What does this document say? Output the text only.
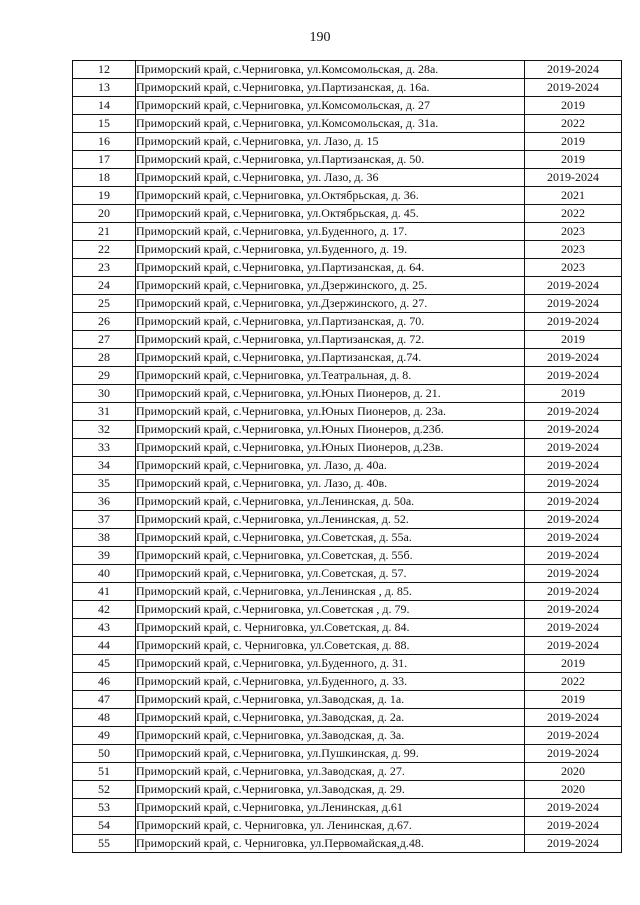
190
12	Приморский край, с.Черниговка, ул.Комсомольская, д. 28а.	2019-2024
13	Приморский край, с.Черниговка, ул.Партизанская, д. 16а.	2019-2024
14	Приморский край, с.Черниговка, ул.Комсомольская, д. 27	2019
15	Приморский край, с.Черниговка, ул.Комсомольская, д. 31а.	2022
16	Приморский край, с.Черниговка, ул. Лазо, д. 15	2019
17	Приморский край, с.Черниговка, ул.Партизанская, д. 50.	2019
18	Приморский край, с.Черниговка, ул. Лазо, д. 36	2019-2024
19	Приморский край, с.Черниговка, ул.Октябрьская, д. 36.	2021
20	Приморский край, с.Черниговка, ул.Октябрьская, д. 45.	2022
21	Приморский край, с.Черниговка, ул.Буденного, д. 17.	2023
22	Приморский край, с.Черниговка, ул.Буденного, д. 19.	2023
23	Приморский край, с.Черниговка, ул.Партизанская, д. 64.	2023
24	Приморский край, с.Черниговка, ул.Дзержинского, д. 25.	2019-2024
25	Приморский край, с.Черниговка, ул.Дзержинского, д. 27.	2019-2024
26	Приморский край, с.Черниговка, ул.Партизанская, д. 70.	2019-2024
27	Приморский край, с.Черниговка, ул.Партизанская, д. 72.	2019
28	Приморский край, с.Черниговка, ул.Партизанская, д.74.	2019-2024
29	Приморский край, с.Черниговка, ул.Театральная, д. 8.	2019-2024
30	Приморский край, с.Черниговка, ул.Юных Пионеров, д. 21.	2019
31	Приморский край, с.Черниговка, ул.Юных Пионеров, д. 23а.	2019-2024
32	Приморский край, с.Черниговка, ул.Юных Пионеров, д.23б.	2019-2024
33	Приморский край, с.Черниговка, ул.Юных Пионеров, д.23в.	2019-2024
34	Приморский край, с.Черниговка, ул. Лазо, д. 40а.	2019-2024
35	Приморский край, с.Черниговка, ул. Лазо, д. 40в.	2019-2024
36	Приморский край, с.Черниговка, ул.Ленинская, д. 50а.	2019-2024
37	Приморский край, с.Черниговка, ул.Ленинская, д. 52.	2019-2024
38	Приморский край, с.Черниговка, ул.Советская, д. 55а.	2019-2024
39	Приморский край, с.Черниговка, ул.Советская, д. 55б.	2019-2024
40	Приморский край, с.Черниговка, ул.Советская, д. 57.	2019-2024
41	Приморский край, с.Черниговка, ул.Ленинская , д. 85.	2019-2024
42	Приморский край, с.Черниговка, ул.Советская , д. 79.	2019-2024
43	Приморский край, с. Черниговка, ул.Советская, д. 84.	2019-2024
44	Приморский край, с. Черниговка, ул.Советская, д. 88.	2019-2024
45	Приморский край, с.Черниговка, ул.Буденного, д. 31.	2019
46	Приморский край, с.Черниговка, ул.Буденного, д. 33.	2022
47	Приморский край, с.Черниговка, ул.Заводская, д. 1а.	2019
48	Приморский край, с.Черниговка, ул.Заводская, д. 2а.	2019-2024
49	Приморский край, с.Черниговка, ул.Заводская, д. 3а.	2019-2024
50	Приморский край, с.Черниговка, ул.Пушкинская, д. 99.	2019-2024
51	Приморский край, с.Черниговка, ул.Заводская, д. 27.	2020
52	Приморский край, с.Черниговка, ул.Заводская, д. 29.	2020
53	Приморский край, с.Черниговка, ул.Ленинская, д.61	2019-2024
54	Приморский край, с. Черниговка, ул. Ленинская, д.67.	2019-2024
55	Приморский край, с. Черниговка, ул.Первомайская,д.48.	2019-2024
